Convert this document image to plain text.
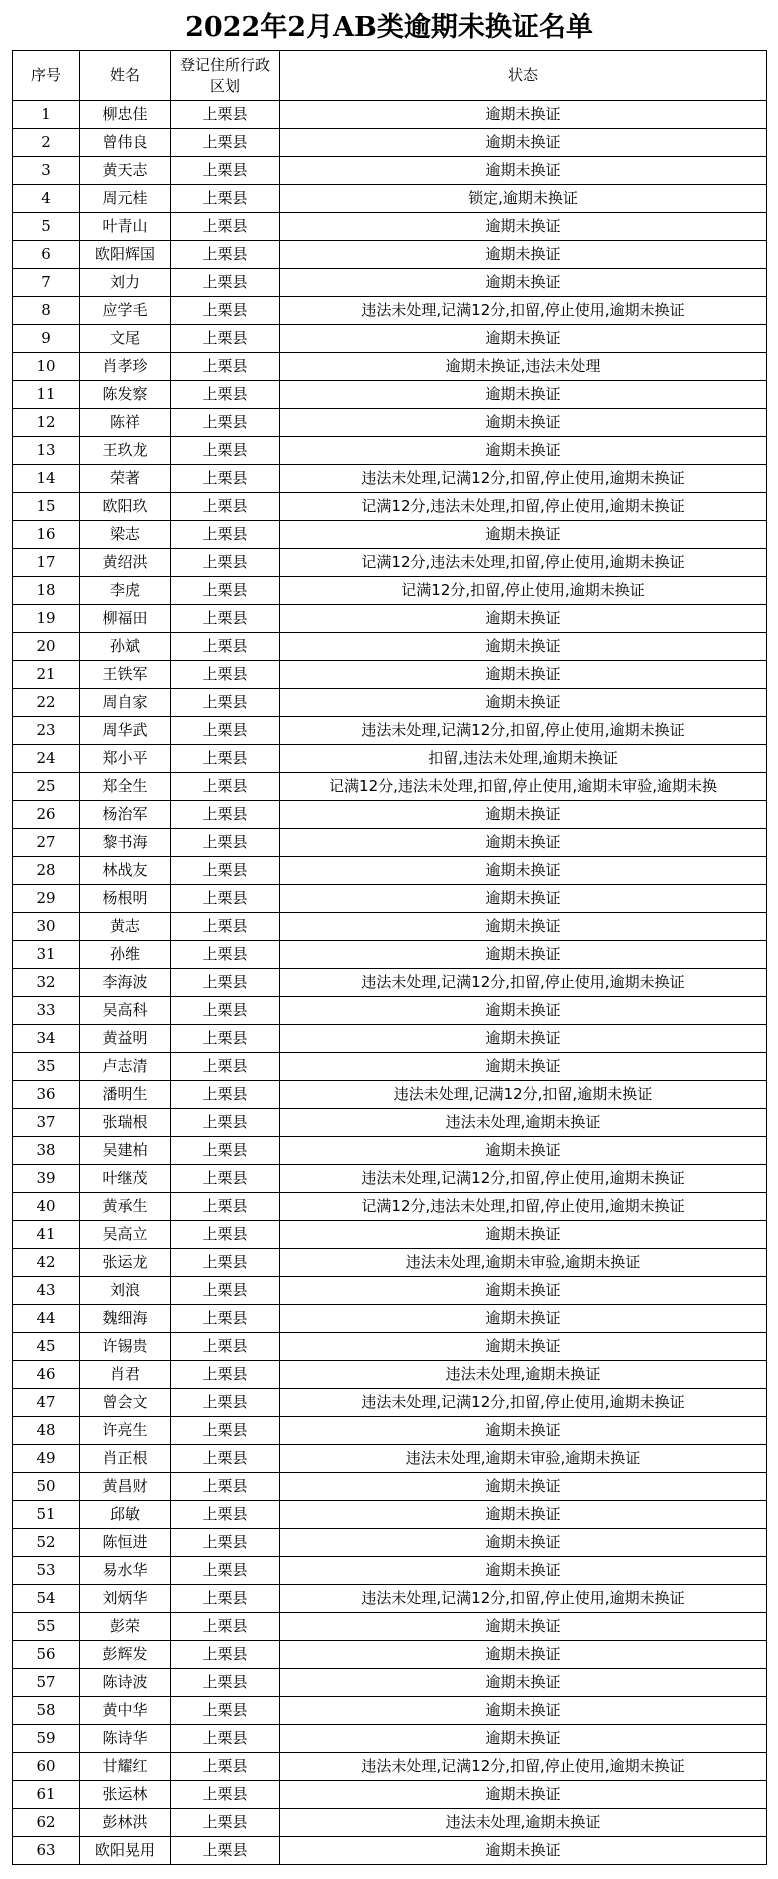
2022年2月AB类逾期未换证名单
序号	姓名	登记住所行政区划	状态
1	柳忠佳	上栗县	逾期未换证
2	曾伟良	上栗县	逾期未换证
3	黄天志	上栗县	逾期未换证
4	周元桂	上栗县	锁定,逾期未换证
5	叶青山	上栗县	逾期未换证
6	欧阳辉国	上栗县	逾期未换证
7	刘力	上栗县	逾期未换证
8	应学毛	上栗县	违法未处理,记满12分,扣留,停止使用,逾期未换证
9	文尾	上栗县	逾期未换证
10	肖孝珍	上栗县	逾期未换证,违法未处理
11	陈发察	上栗县	逾期未换证
12	陈祥	上栗县	逾期未换证
13	王玖龙	上栗县	逾期未换证
14	荣著	上栗县	违法未处理,记满12分,扣留,停止使用,逾期未换证
15	欧阳玖	上栗县	记满12分,违法未处理,扣留,停止使用,逾期未换证
16	梁志	上栗县	逾期未换证
17	黄绍洪	上栗县	记满12分,违法未处理,扣留,停止使用,逾期未换证
18	李虎	上栗县	记满12分,扣留,停止使用,逾期未换证
19	柳福田	上栗县	逾期未换证
20	孙斌	上栗县	逾期未换证
21	王铁军	上栗县	逾期未换证
22	周自家	上栗县	逾期未换证
23	周华武	上栗县	违法未处理,记满12分,扣留,停止使用,逾期未换证
24	郑小平	上栗县	扣留,违法未处理,逾期未换证
25	郑全生	上栗县	记满12分,违法未处理,扣留,停止使用,逾期未审验,逾期未换
26	杨治军	上栗县	逾期未换证
27	黎书海	上栗县	逾期未换证
28	林战友	上栗县	逾期未换证
29	杨根明	上栗县	逾期未换证
30	黄志	上栗县	逾期未换证
31	孙维	上栗县	逾期未换证
32	李海波	上栗县	违法未处理,记满12分,扣留,停止使用,逾期未换证
33	吴高科	上栗县	逾期未换证
34	黄益明	上栗县	逾期未换证
35	卢志清	上栗县	逾期未换证
36	潘明生	上栗县	违法未处理,记满12分,扣留,逾期未换证
37	张瑞根	上栗县	违法未处理,逾期未换证
38	吴建柏	上栗县	逾期未换证
39	叶继茂	上栗县	违法未处理,记满12分,扣留,停止使用,逾期未换证
40	黄承生	上栗县	记满12分,违法未处理,扣留,停止使用,逾期未换证
41	吴高立	上栗县	逾期未换证
42	张运龙	上栗县	违法未处理,逾期未审验,逾期未换证
43	刘浪	上栗县	逾期未换证
44	魏细海	上栗县	逾期未换证
45	许锡贵	上栗县	逾期未换证
46	肖君	上栗县	违法未处理,逾期未换证
47	曾会文	上栗县	违法未处理,记满12分,扣留,停止使用,逾期未换证
48	许亮生	上栗县	逾期未换证
49	肖正根	上栗县	违法未处理,逾期未审验,逾期未换证
50	黄昌财	上栗县	逾期未换证
51	邱敏	上栗县	逾期未换证
52	陈恒进	上栗县	逾期未换证
53	易水华	上栗县	逾期未换证
54	刘炳华	上栗县	违法未处理,记满12分,扣留,停止使用,逾期未换证
55	彭荣	上栗县	逾期未换证
56	彭辉发	上栗县	逾期未换证
57	陈诗波	上栗县	逾期未换证
58	黄中华	上栗县	逾期未换证
59	陈诗华	上栗县	逾期未换证
60	甘耀红	上栗县	违法未处理,记满12分,扣留,停止使用,逾期未换证
61	张运林	上栗县	逾期未换证
62	彭林洪	上栗县	违法未处理,逾期未换证
63	欧阳晃用	上栗县	逾期未换证
